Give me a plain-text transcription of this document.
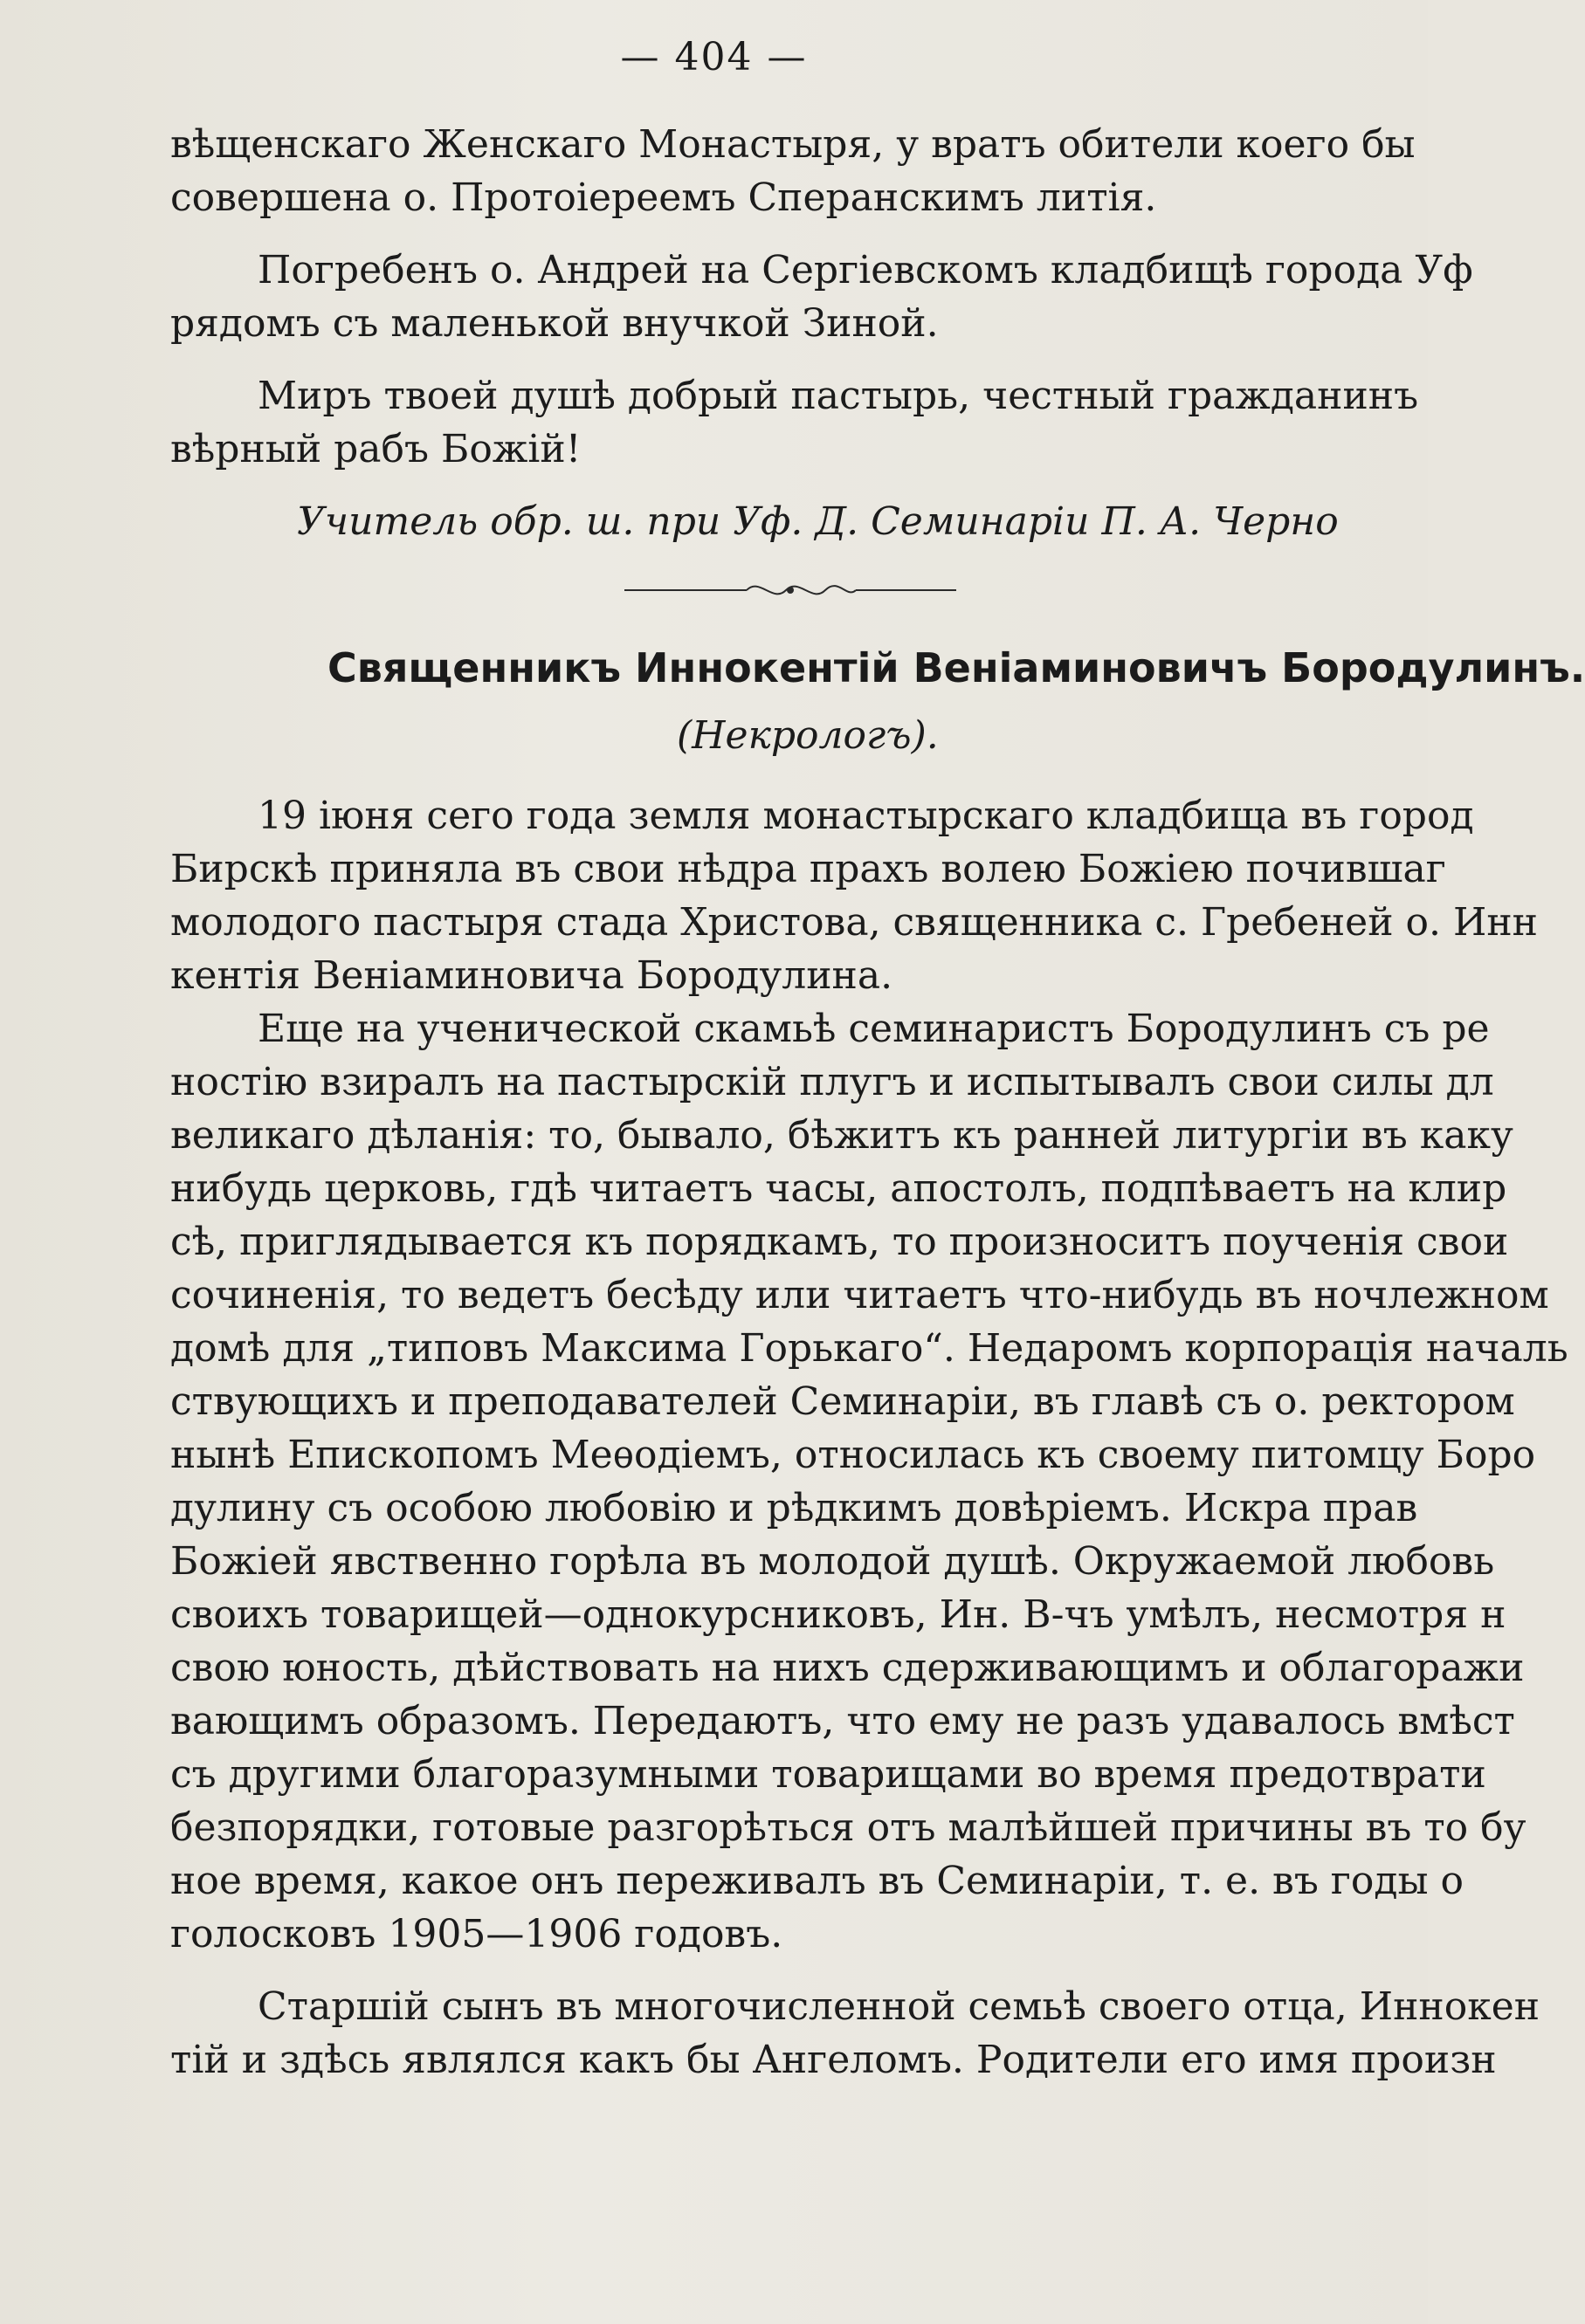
— 404 —

вѣщенскаго Женскаго Монастыря, у вратъ обители коего бы

совершена о. Протоіереемъ Сперанскимъ литія.

Погребенъ о. Андрей на Сергіевскомъ кладбищѣ города Уф

рядомъ съ маленькой внучкой Зиной.

Миръ твоей душѣ добрый пастырь, честный гражданинъ

вѣрный рабъ Божій!

Учитель обр. ш. при Уф. Д. Семинаріи П. А. Черно

Священникъ Иннокентій Веніаминовичъ Бородулинъ.
(Некрологъ).

19 іюня сего года земля монастырскаго кладбища въ город

Бирскѣ приняла въ свои нѣдра прахъ волею Божіею почившаг

молодого пастыря стада Христова, священника с. Гребеней о. Инн

кентія Веніаминовича Бородулина.

Еще на ученической скамьѣ семинаристъ Бородулинъ съ ре

ностію взиралъ на пастырскій плугъ и испытывалъ свои силы дл

великаго дѣланія: то, бывало, бѣжитъ къ ранней литургіи въ каку

нибудь церковь, гдѣ читаетъ часы, апостолъ, подпѣваетъ на клир

сѣ, приглядывается къ порядкамъ, то произноситъ поученія свои

сочиненія, то ведетъ бесѣду или читаетъ что-нибудь въ ночлежном

домѣ для „типовъ Максима Горькаго“. Недаромъ корпорація началь

ствующихъ и преподавателей Семинаріи, въ главѣ съ о. ректором

нынѣ Епископомъ Меѳодіемъ, относилась къ своему питомцу Боро

дулину съ особою любовію и рѣдкимъ довѣріемъ. Искра прав

Божіей явственно горѣла въ молодой душѣ. Окружаемой любовь

своихъ товарищей—однокурсниковъ, Ин. В-чъ умѣлъ, несмотря н

свою юность, дѣйствовать на нихъ сдерживающимъ и облагоражи

вающимъ образомъ. Передаютъ, что ему не разъ удавалось вмѣст

съ другими благоразумными товарищами во время предотврати

безпорядки, готовые разгорѣться отъ малѣйшей причины въ то бу

ное время, какое онъ переживалъ въ Семинаріи, т. е. въ годы о

голосковъ 1905—1906 годовъ.

Старшій сынъ въ многочисленной семьѣ своего отца, Иннокен

тій и здѣсь являлся какъ бы Ангеломъ. Родители его имя произн
